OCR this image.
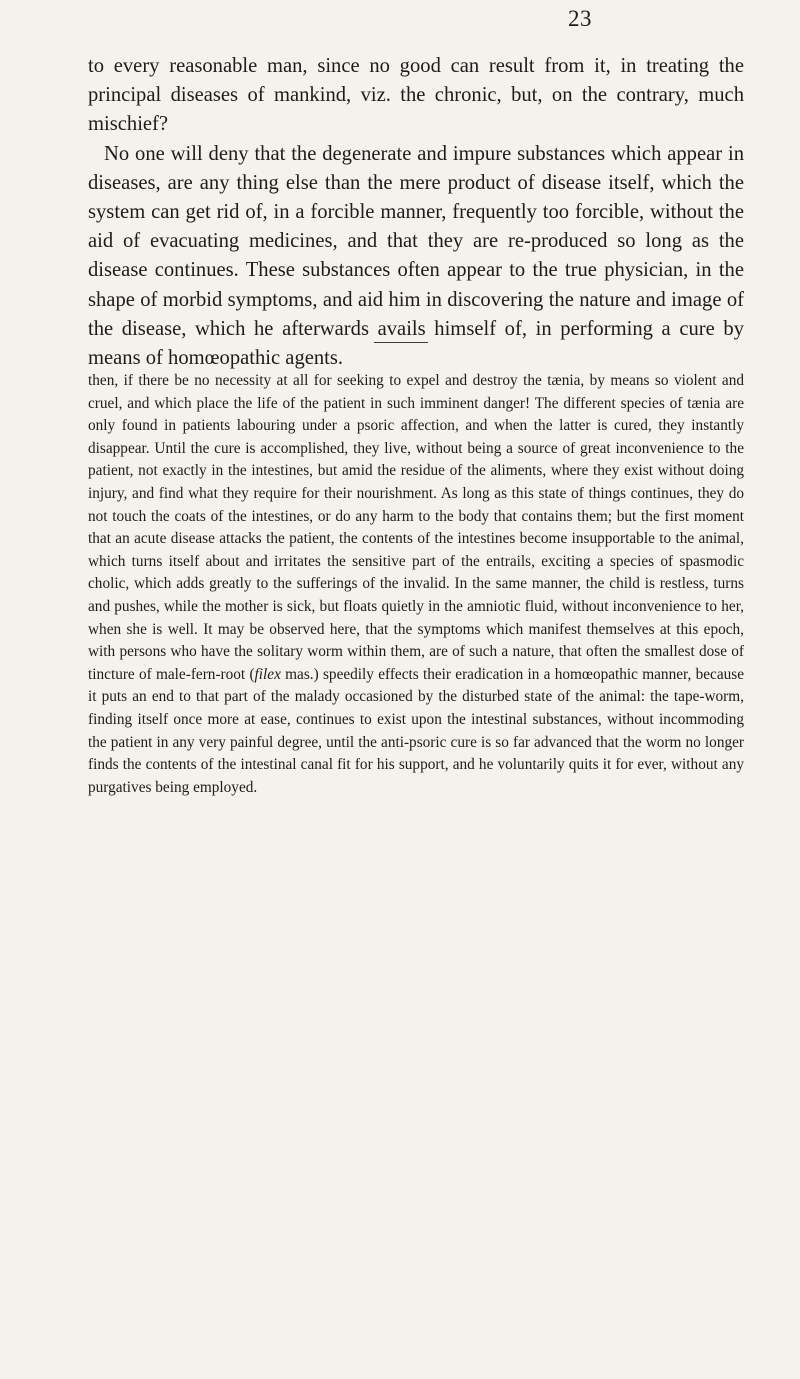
23

to every reasonable man, since no good can result from it, in treating the principal diseases of mankind, viz. the chronic, but, on the contrary, much mischief?

No one will deny that the degenerate and impure substances which appear in diseases, are any thing else than the mere product of disease itself, which the system can get rid of, in a forcible manner, frequently too forcible, without the aid of evacuating medicines, and that they are re-produced so long as the disease continues. These substances often appear to the true physician, in the shape of morbid symptoms, and aid him in discovering the nature and image of the disease, which he afterwards avails himself of, in performing a cure by means of homœopathic agents.

then, if there be no necessity at all for seeking to expel and destroy the tænia, by means so violent and cruel, and which place the life of the patient in such imminent danger! The different species of tænia are only found in patients labouring under a psoric affection, and when the latter is cured, they instantly disappear. Until the cure is accomplished, they live, without being a source of great inconvenience to the patient, not exactly in the intestines, but amid the residue of the aliments, where they exist without doing injury, and find what they require for their nourishment. As long as this state of things continues, they do not touch the coats of the intestines, or do any harm to the body that contains them; but the first moment that an acute disease attacks the patient, the contents of the intestines become insupportable to the animal, which turns itself about and irritates the sensitive part of the entrails, exciting a species of spasmodic cholic, which adds greatly to the sufferings of the invalid. In the same manner, the child is restless, turns and pushes, while the mother is sick, but floats quietly in the amniotic fluid, without inconvenience to her, when she is well. It may be observed here, that the symptoms which manifest themselves at this epoch, with persons who have the solitary worm within them, are of such a nature, that often the smallest dose of tincture of male-fern-root (filex mas.) speedily effects their eradication in a homœopathic manner, because it puts an end to that part of the malady occasioned by the disturbed state of the animal: the tape-worm, finding itself once more at ease, continues to exist upon the intestinal substances, without incommoding the patient in any very painful degree, until the anti-psoric cure is so far advanced that the worm no longer finds the contents of the intestinal canal fit for his support, and he voluntarily quits it for ever, without any purgatives being employed.
